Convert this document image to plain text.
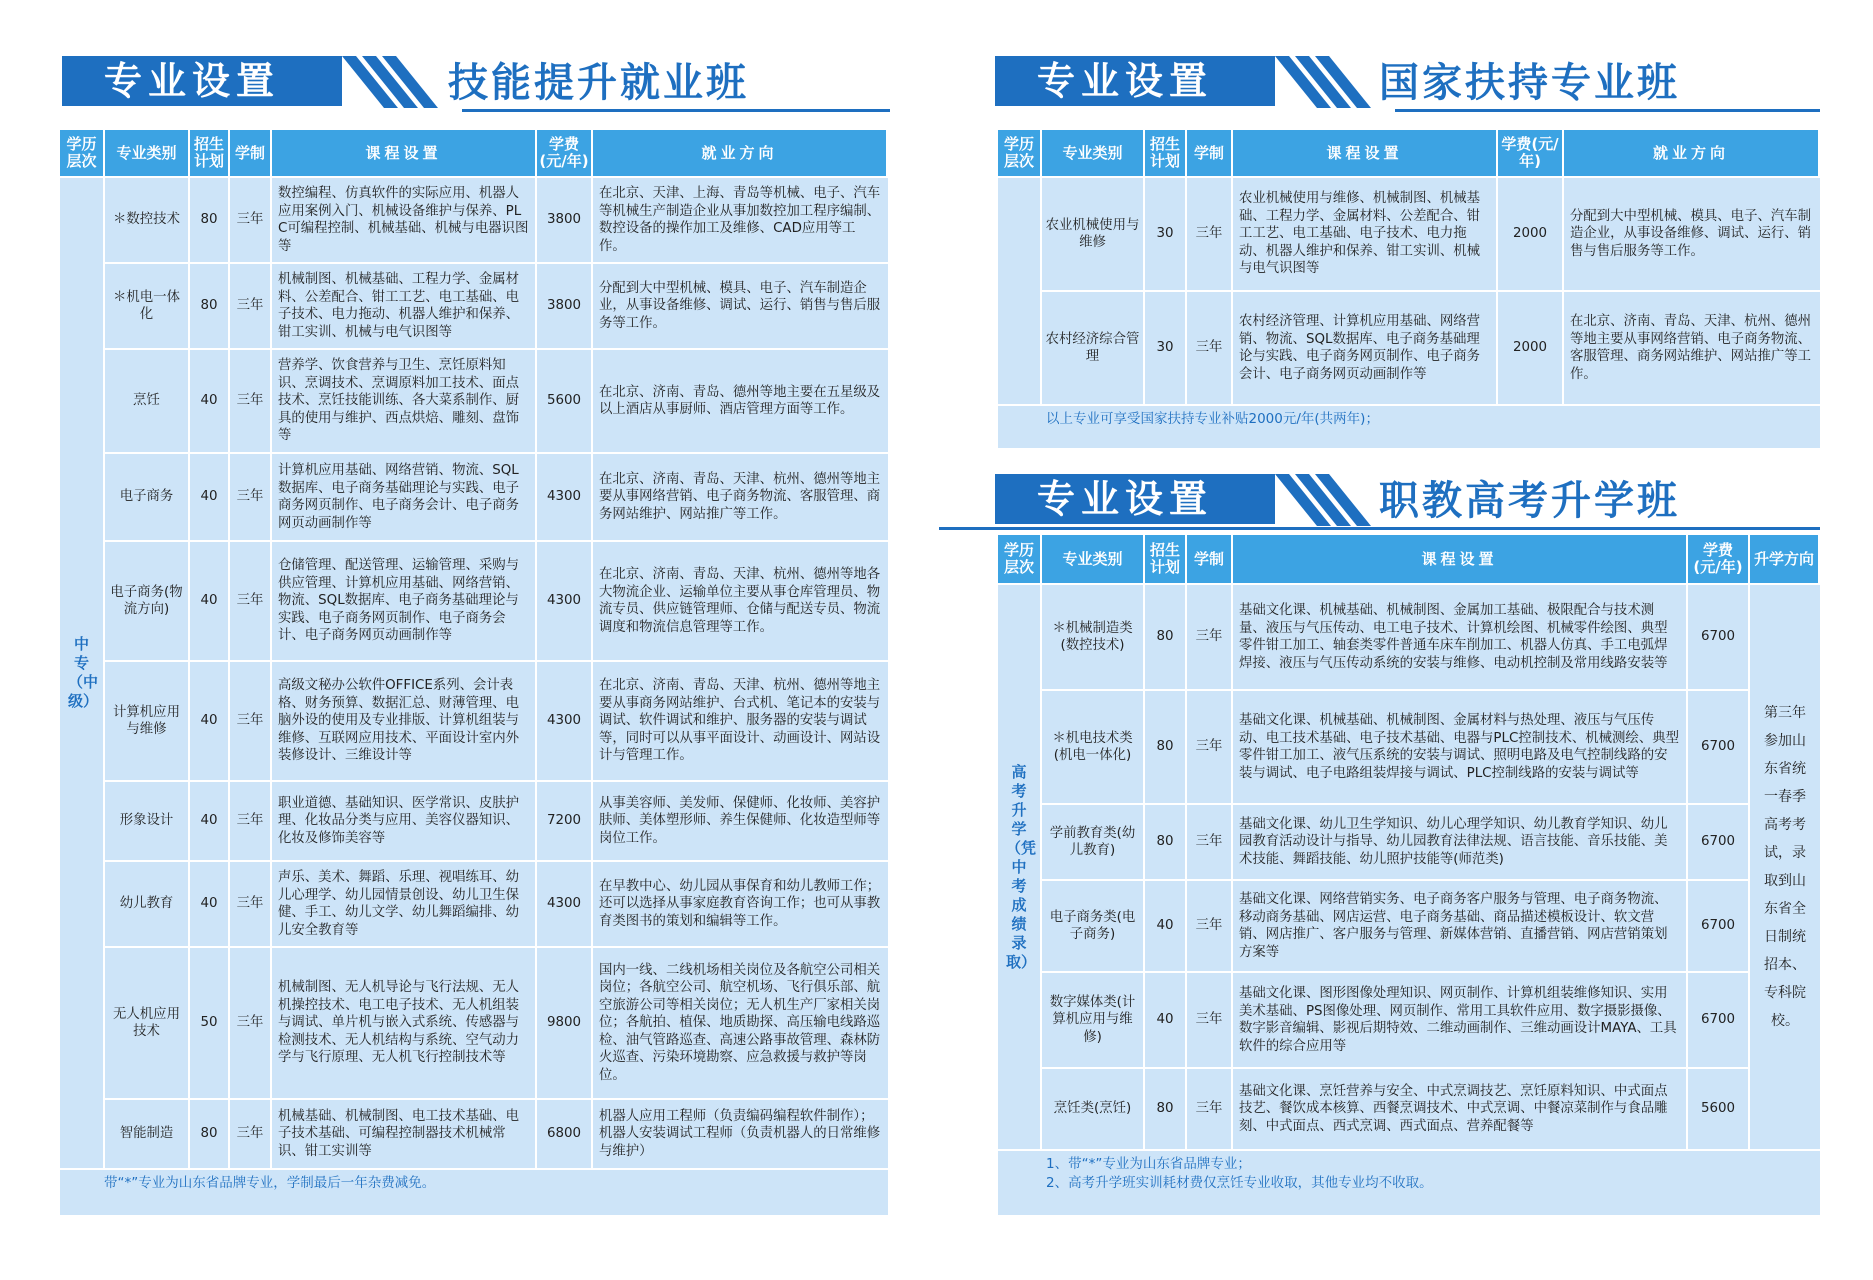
专业设置	技能提升就业班
学历层次	专业类别	招生计划	学制	课程设置	学费(元/年)	就业方向
中专（中级）	＊数控技术	80	三年	数控编程、仿真软件的实际应用、机器人应用案例入门、机械设备维护与保养、PLC可编程控制、机械基础、机械与电器识图等	3800	在北京、天津、上海、青岛等机械、电子、汽车等机械生产制造企业从事加数控加工程序编制、数控设备的操作加工及维修、CAD应用等工作。
	＊机电一体化	80	三年	机械制图、机械基础、工程力学、金属材料、公差配合、钳工工艺、电工基础、电子技术、电力拖动、机器人维护和保养、钳工实训、机械与电气识图等	3800	分配到大中型机械、模具、电子、汽车制造企业，从事设备维修、调试、运行、销售与售后服务等工作。
	烹饪	40	三年	营养学、饮食营养与卫生、烹饪原料知识、烹调技术、烹调原料加工技术、面点技术、烹饪技能训练、各大菜系制作、厨具的使用与维护、西点烘焙、雕刻、盘饰等	5600	在北京、济南、青岛、德州等地主要在五星级及以上酒店从事厨师、酒店管理方面等工作。
	电子商务	40	三年	计算机应用基础、网络营销、物流、SQL数据库、电子商务基础理论与实践、电子商务网页制作、电子商务会计、电子商务网页动画制作等	4300	在北京、济南、青岛、天津、杭州、德州等地主要从事网络营销、电子商务物流、客服管理、商务网站维护、网站推广等工作。
	电子商务(物流方向)	40	三年	仓储管理、配送管理、运输管理、采购与供应管理、计算机应用基础、网络营销、物流、SQL数据库、电子商务基础理论与实践、电子商务网页制作、电子商务会计、电子商务网页动画制作等	4300	在北京、济南、青岛、天津、杭州、德州等地各大物流企业、运输单位主要从事仓库管理员、物流专员、供应链管理师、仓储与配送专员、物流调度和物流信息管理等工作。
	计算机应用与维修	40	三年	高级文秘办公软件OFFICE系列、会计表格、财务预算、数据汇总、财薄管理、电脑外设的使用及专业排版、计算机组装与维修、互联网应用技术、平面设计室内外装修设计、三维设计等	4300	在北京、济南、青岛、天津、杭州、德州等地主要从事商务网站维护、台式机、笔记本的安装与调试、软件调试和维护、服务器的安装与调试等，同时可以从事平面设计、动画设计、网站设计与管理工作。
	形象设计	40	三年	职业道德、基础知识、医学常识、皮肤护理、化妆品分类与应用、美容仪器知识、化妆及修饰美容等	7200	从事美容师、美发师、保健师、化妆师、美容护肤师、美体塑形师、养生保健师、化妆造型师等岗位工作。
	幼儿教育	40	三年	声乐、美术、舞蹈、乐理、视唱练耳、幼儿心理学、幼儿园情景创设、幼儿卫生保健、手工、幼儿文学、幼儿舞蹈编排、幼儿安全教育等	4300	在早教中心、幼儿园从事保育和幼儿教师工作；还可以选择从事家庭教育咨询工作；也可从事教育类图书的策划和编辑等工作。
	无人机应用技术	50	三年	机械制图、无人机导论与飞行法规、无人机操控技术、电工电子技术、无人机组装与调试、单片机与嵌入式系统、传感器与检测技术、无人机结构与系统、空气动力学与飞行原理、无人机飞行控制技术等	9800	国内一线、二线机场相关岗位及各航空公司相关岗位；各航空公司、航空机场、飞行俱乐部、航空旅游公司等相关岗位；无人机生产厂家相关岗位；各航拍、植保、地质勘探、高压输电线路巡检、油气管路巡查、高速公路事故管理、森林防火巡查、污染环境勘察、应急救援与救护等岗位。
	智能制造	80	三年	机械基础、机械制图、电工技术基础、电子技术基础、可编程控制器技术机械常识、钳工实训等	6800	机器人应用工程师（负责编码编程软件制作）；机器人安装调试工程师（负责机器人的日常维修与维护）
带“*”专业为山东省品牌专业，学制最后一年杂费减免。
专业设置	国家扶持专业班
学历层次	专业类别	招生计划	学制	课程设置	学费(元/年)	就业方向
	农业机械使用与维修	30	三年	农业机械使用与维修、机械制图、机械基础、工程力学、金属材料、公差配合、钳工工艺、电工基础、电子技术、电力拖动、机器人维护和保养、钳工实训、机械与电气识图等	2000	分配到大中型机械、模具、电子、汽车制造企业，从事设备维修、调试、运行、销售与售后服务等工作。
	农村经济综合管理	30	三年	农村经济管理、计算机应用基础、网络营销、物流、SQL数据库、电子商务基础理论与实践、电子商务网页制作、电子商务会计、电子商务网页动画制作等	2000	在北京、济南、青岛、天津、杭州、德州等地主要从事网络营销、电子商务物流、客服管理、商务网站维护、网站推广等工作。
以上专业可享受国家扶持专业补贴2000元/年(共两年)；
专业设置	职教高考升学班
学历层次	专业类别	招生计划	学制	课程设置	学费(元/年)	升学方向
高考升学（凭中考成绩录取）	＊机械制造类(数控技术)	80	三年	基础文化课、机械基础、机械制图、金属加工基础、极限配合与技术测量、液压与气压传动、电工电子技术、计算机绘图、机械零件绘图、典型零件钳工加工、轴套类零件普通车床车削加工、机器人仿真、手工电弧焊焊接、液压与气压传动系统的安装与维修、电动机控制及常用线路安装等	6700	第三年参加山东省统一春季高考考试，录取到山东省全日制统招本、专科院校。
	＊机电技术类(机电一体化)	80	三年	基础文化课、机械基础、机械制图、金属材料与热处理、液压与气压传动、电工技术基础、电子技术基础、电器与PLC控制技术、机械测绘、典型零件钳工加工、液气压系统的安装与调试、照明电路及电气控制线路的安装与调试、电子电路组装焊接与调试、PLC控制线路的安装与调试等	6700	
	学前教育类(幼儿教育)	80	三年	基础文化课、幼儿卫生学知识、幼儿心理学知识、幼儿教育学知识、幼儿园教育活动设计与指导、幼儿园教育法律法规、语言技能、音乐技能、美术技能、舞蹈技能、幼儿照护技能等(师范类)	6700	
	电子商务类(电子商务)	40	三年	基础文化课、网络营销实务、电子商务客户服务与管理、电子商务物流、移动商务基础、网店运营、电子商务基础、商品描述模板设计、软文营销、网店推广、客户服务与管理、新媒体营销、直播营销、网店营销策划方案等	6700	
	数字媒体类(计算机应用与维修)	40	三年	基础文化课、图形图像处理知识、网页制作、计算机组装维修知识、实用美术基础、PS图像处理、网页制作、常用工具软件应用、数字摄影摄像、数字影音编辑、影视后期特效、二维动画制作、三维动画设计MAYA、工具软件的综合应用等	6700	
	烹饪类(烹饪)	80	三年	基础文化课、烹饪营养与安全、中式烹调技艺、烹饪原料知识、中式面点技艺、餐饮成本核算、西餐烹调技术、中式烹调、中餐凉菜制作与食品雕刻、中式面点、西式烹调、西式面点、营养配餐等	5600	
1、带“*”专业为山东省品牌专业；
2、高考升学班实训耗材费仅烹饪专业收取，其他专业均不收取。
